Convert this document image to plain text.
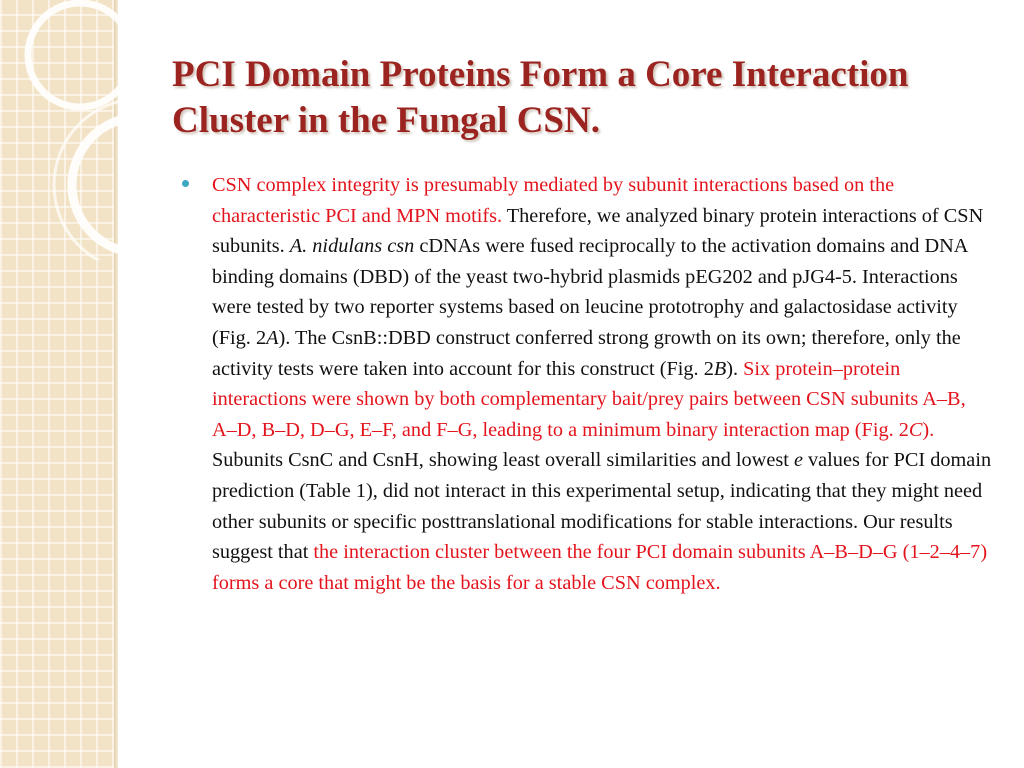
PCI Domain Proteins Form a Core Interaction Cluster in the Fungal CSN.

CSN complex integrity is presumably mediated by subunit interactions based on the characteristic PCI and MPN motifs. Therefore, we analyzed binary protein interactions of CSN subunits. A. nidulans csn cDNAs were fused reciprocally to the activation domains and DNA binding domains (DBD) of the yeast two-hybrid plasmids pEG202 and pJG4-5. Interactions were tested by two reporter systems based on leucine prototrophy and galactosidase activity (Fig. 2A). The CsnB::DBD construct conferred strong growth on its own; therefore, only the activity tests were taken into account for this construct (Fig. 2B). Six protein–protein interactions were shown by both complementary bait/prey pairs between CSN subunits A–B, A–D, B–D, D–G, E–F, and F–G, leading to a minimum binary interaction map (Fig. 2C). Subunits CsnC and CsnH, showing least overall similarities and lowest e values for PCI domain prediction (Table 1), did not interact in this experimental setup, indicating that they might need other subunits or specific posttranslational modifications for stable interactions. Our results suggest that the interaction cluster between the four PCI domain subunits A–B–D–G (1–2–4–7) forms a core that might be the basis for a stable CSN complex.
